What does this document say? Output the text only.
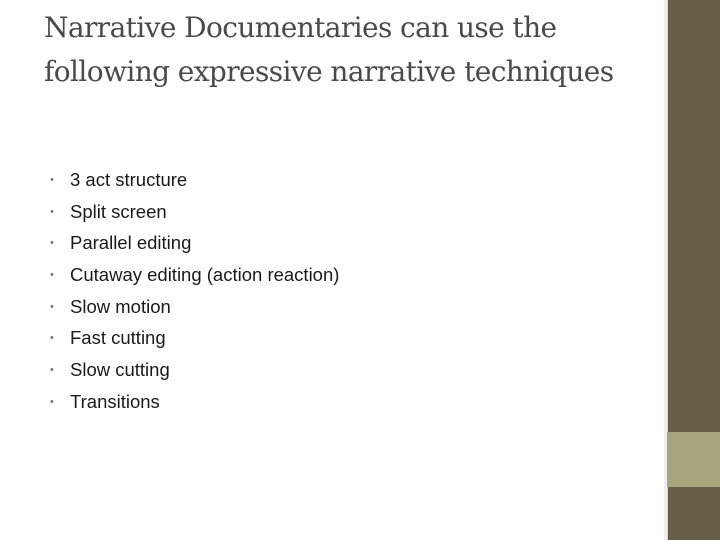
Narrative Documentaries can use the following expressive narrative techniques
• 3 act structure
• Split screen
• Parallel editing
• Cutaway editing (action reaction)
• Slow motion
• Fast cutting
• Slow cutting
• Transitions
